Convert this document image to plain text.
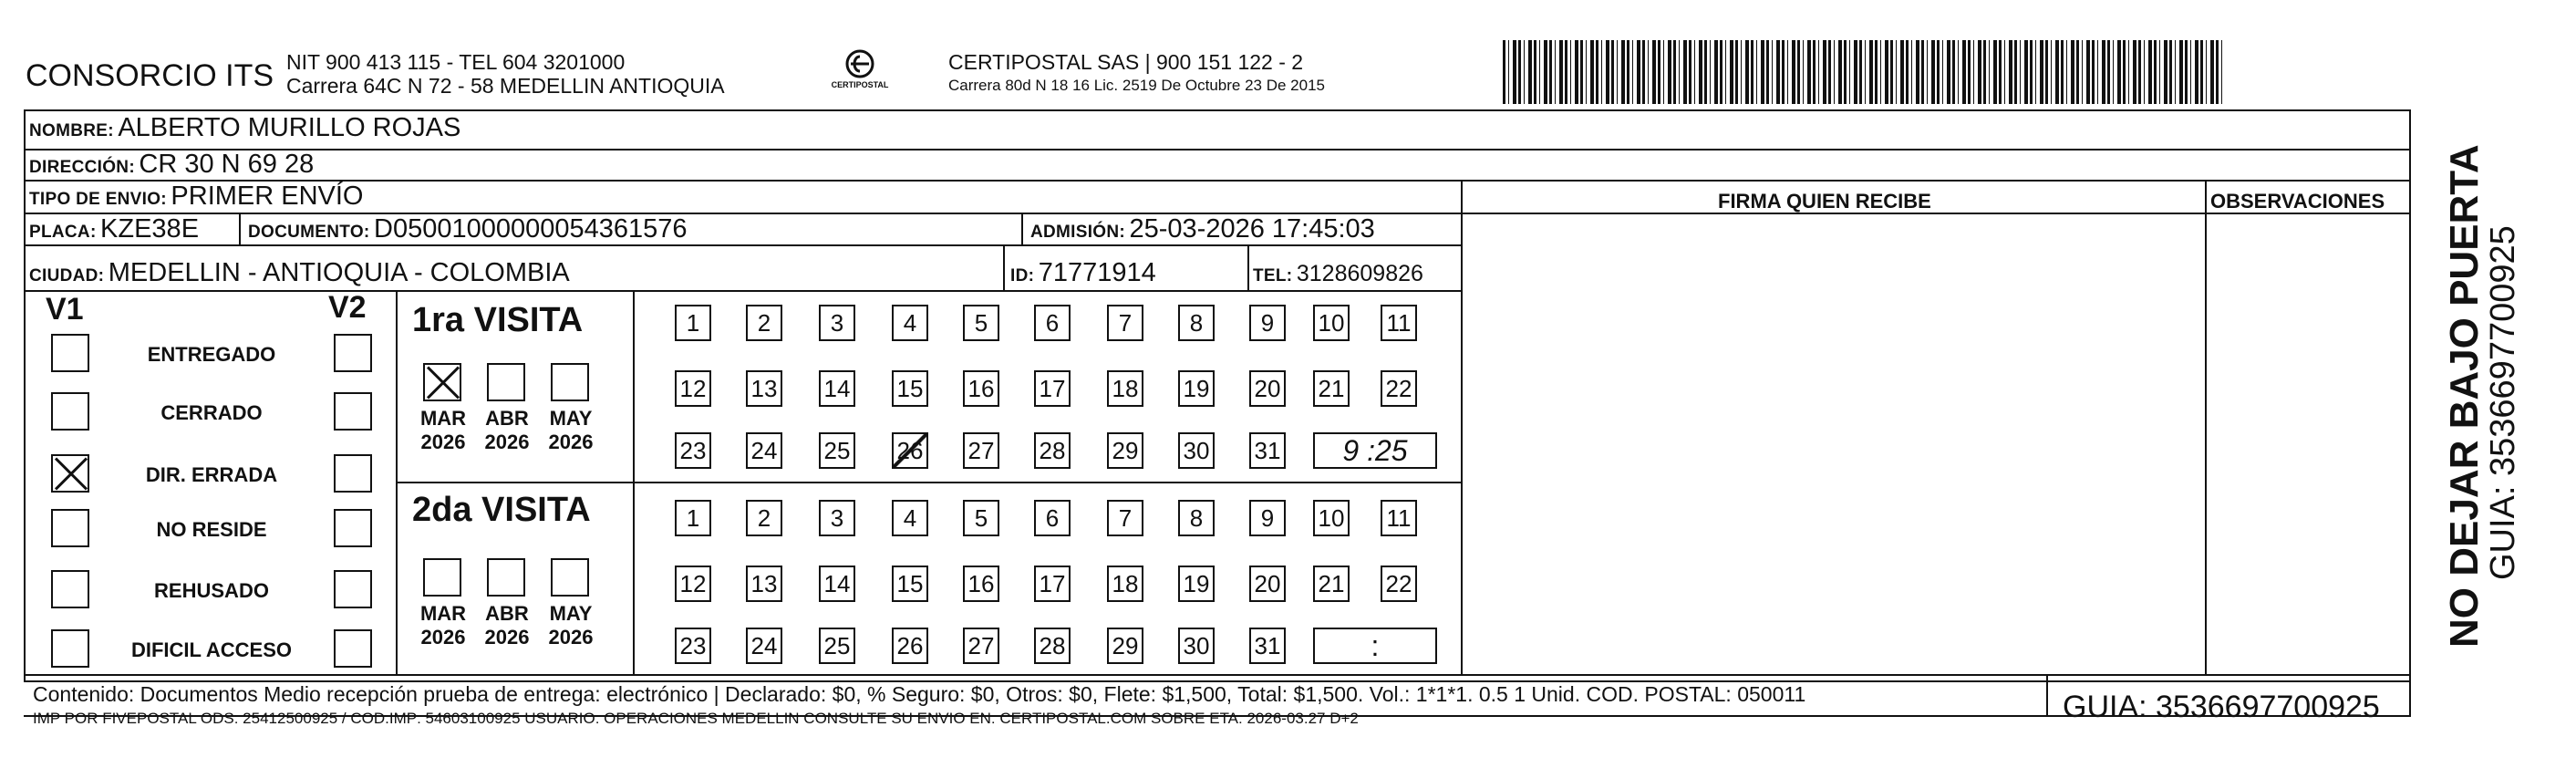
CONSORCIO ITS NIT 900 413 115 - TEL 604 3201000
Carrera 64C N 72 - 58 MEDELLIN ANTIOQUIA	CERTIPOSTAL
CERTIPOSTAL SAS | 900 151 122 - 2
Carrera 80d N 18 16 Lic. 2519 De Octubre 23 De 2015
NOMBRE: ALBERTO MURILLO ROJAS
DIRECCIÓN: CR 30 N 69 28
TIPO DE ENVIO: PRIMER ENVÍO	FIRMA QUIEN RECIBE	OBSERVACIONES
PLACA: KZE38E	DOCUMENTO: D05001000000054361576	ADMISIÓN: 25-03-2026 17:45:03
CIUDAD: MEDELLIN - ANTIOQUIA - COLOMBIA	ID: 71771914	TEL: 3128609826
V1	V2 1ra VISITA
2da VISITA	NO DEJAR BAJO PUERTA
GUIA: 3536697700925
Contenido: Documentos Medio recepción prueba de entrega: electrónico | Declarado: $0, % Seguro: $0, Otros: $0, Flete: $1,500, Total: $1,500. Vol.: 1*1*1. 0.5 1 Unid. COD. POSTAL: 050011
IMP POR FIVEPOSTAL ODS: 25412500925 / COD.IMP: 54603100925 USUARIO: OPERACIONES MEDELLIN CONSULTE SU ENVIO EN: CERTIPOSTAL.COM SOBRE ETA: 2026-03:27 D+2	GUIA: 3536697700925
ENTREGADO
CERRADO
DIR. ERRADA
NO RESIDE
REHUSADO
DIFICIL ACCESO
MAR
2026
ABR
2026
MAY
2026
MAR
2026
ABR
2026
MAY
2026
1	2	3	4	5	6	7	8	9	10 11
12 13 14 15 16 17 18 19 20 21 22
23 24 25 26 27 28 29 30 31	9 :25
1	2	3	4	5	6	7	8	9	10 11
12 13 14 15 16 17 18 19 20 21 22
23 24 25 26 27 28 29 30 31	:
